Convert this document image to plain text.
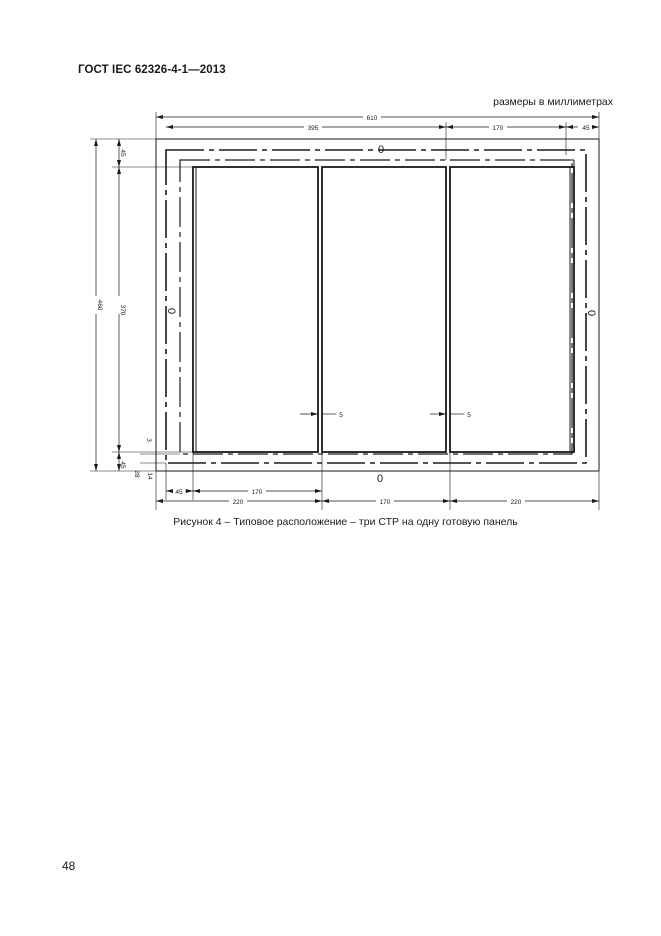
ГОСТ IEC 62326-4-1—2013
размеры в миллиметрах
610
395	170	45
460 370
45
45
3
14
28
5	5
45	170
220	170	220
0
0
0	0
Рисунок 4 – Типовое расположение – три СТР на одну готовую панель
48
